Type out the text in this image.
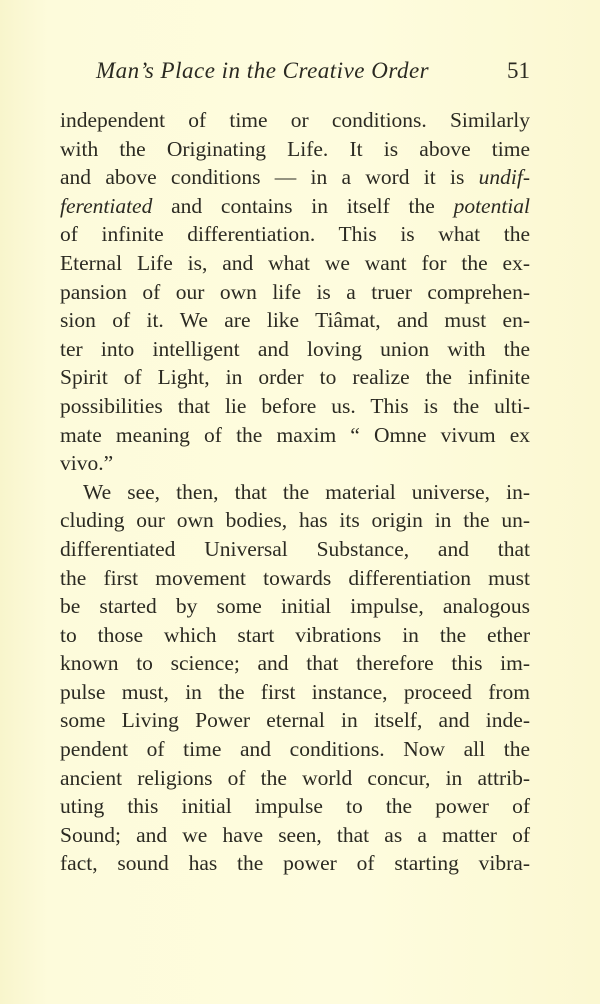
Man’s Place in the Creative Order	51
independent of time or conditions. Similarly
with the Originating Life. It is above time
and above conditions — in a word it is undif-
ferentiated and contains in itself the potential
of infinite differentiation. This is what the
Eternal Life is, and what we want for the ex-
pansion of our own life is a truer comprehen-
sion of it. We are like Tiâmat, and must en-
ter into intelligent and loving union with the
Spirit of Light, in order to realize the infinite
possibilities that lie before us. This is the ulti-
mate meaning of the maxim “ Omne vivum ex
vivo.”
We see, then, that the material universe, in-
cluding our own bodies, has its origin in the un-
differentiated Universal Substance, and that
the first movement towards differentiation must
be started by some initial impulse, analogous
to those which start vibrations in the ether
known to science; and that therefore this im-
pulse must, in the first instance, proceed from
some Living Power eternal in itself, and inde-
pendent of time and conditions. Now all the
ancient religions of the world concur, in attrib-
uting this initial impulse to the power of
Sound; and we have seen, that as a matter of
fact, sound has the power of starting vibra-
